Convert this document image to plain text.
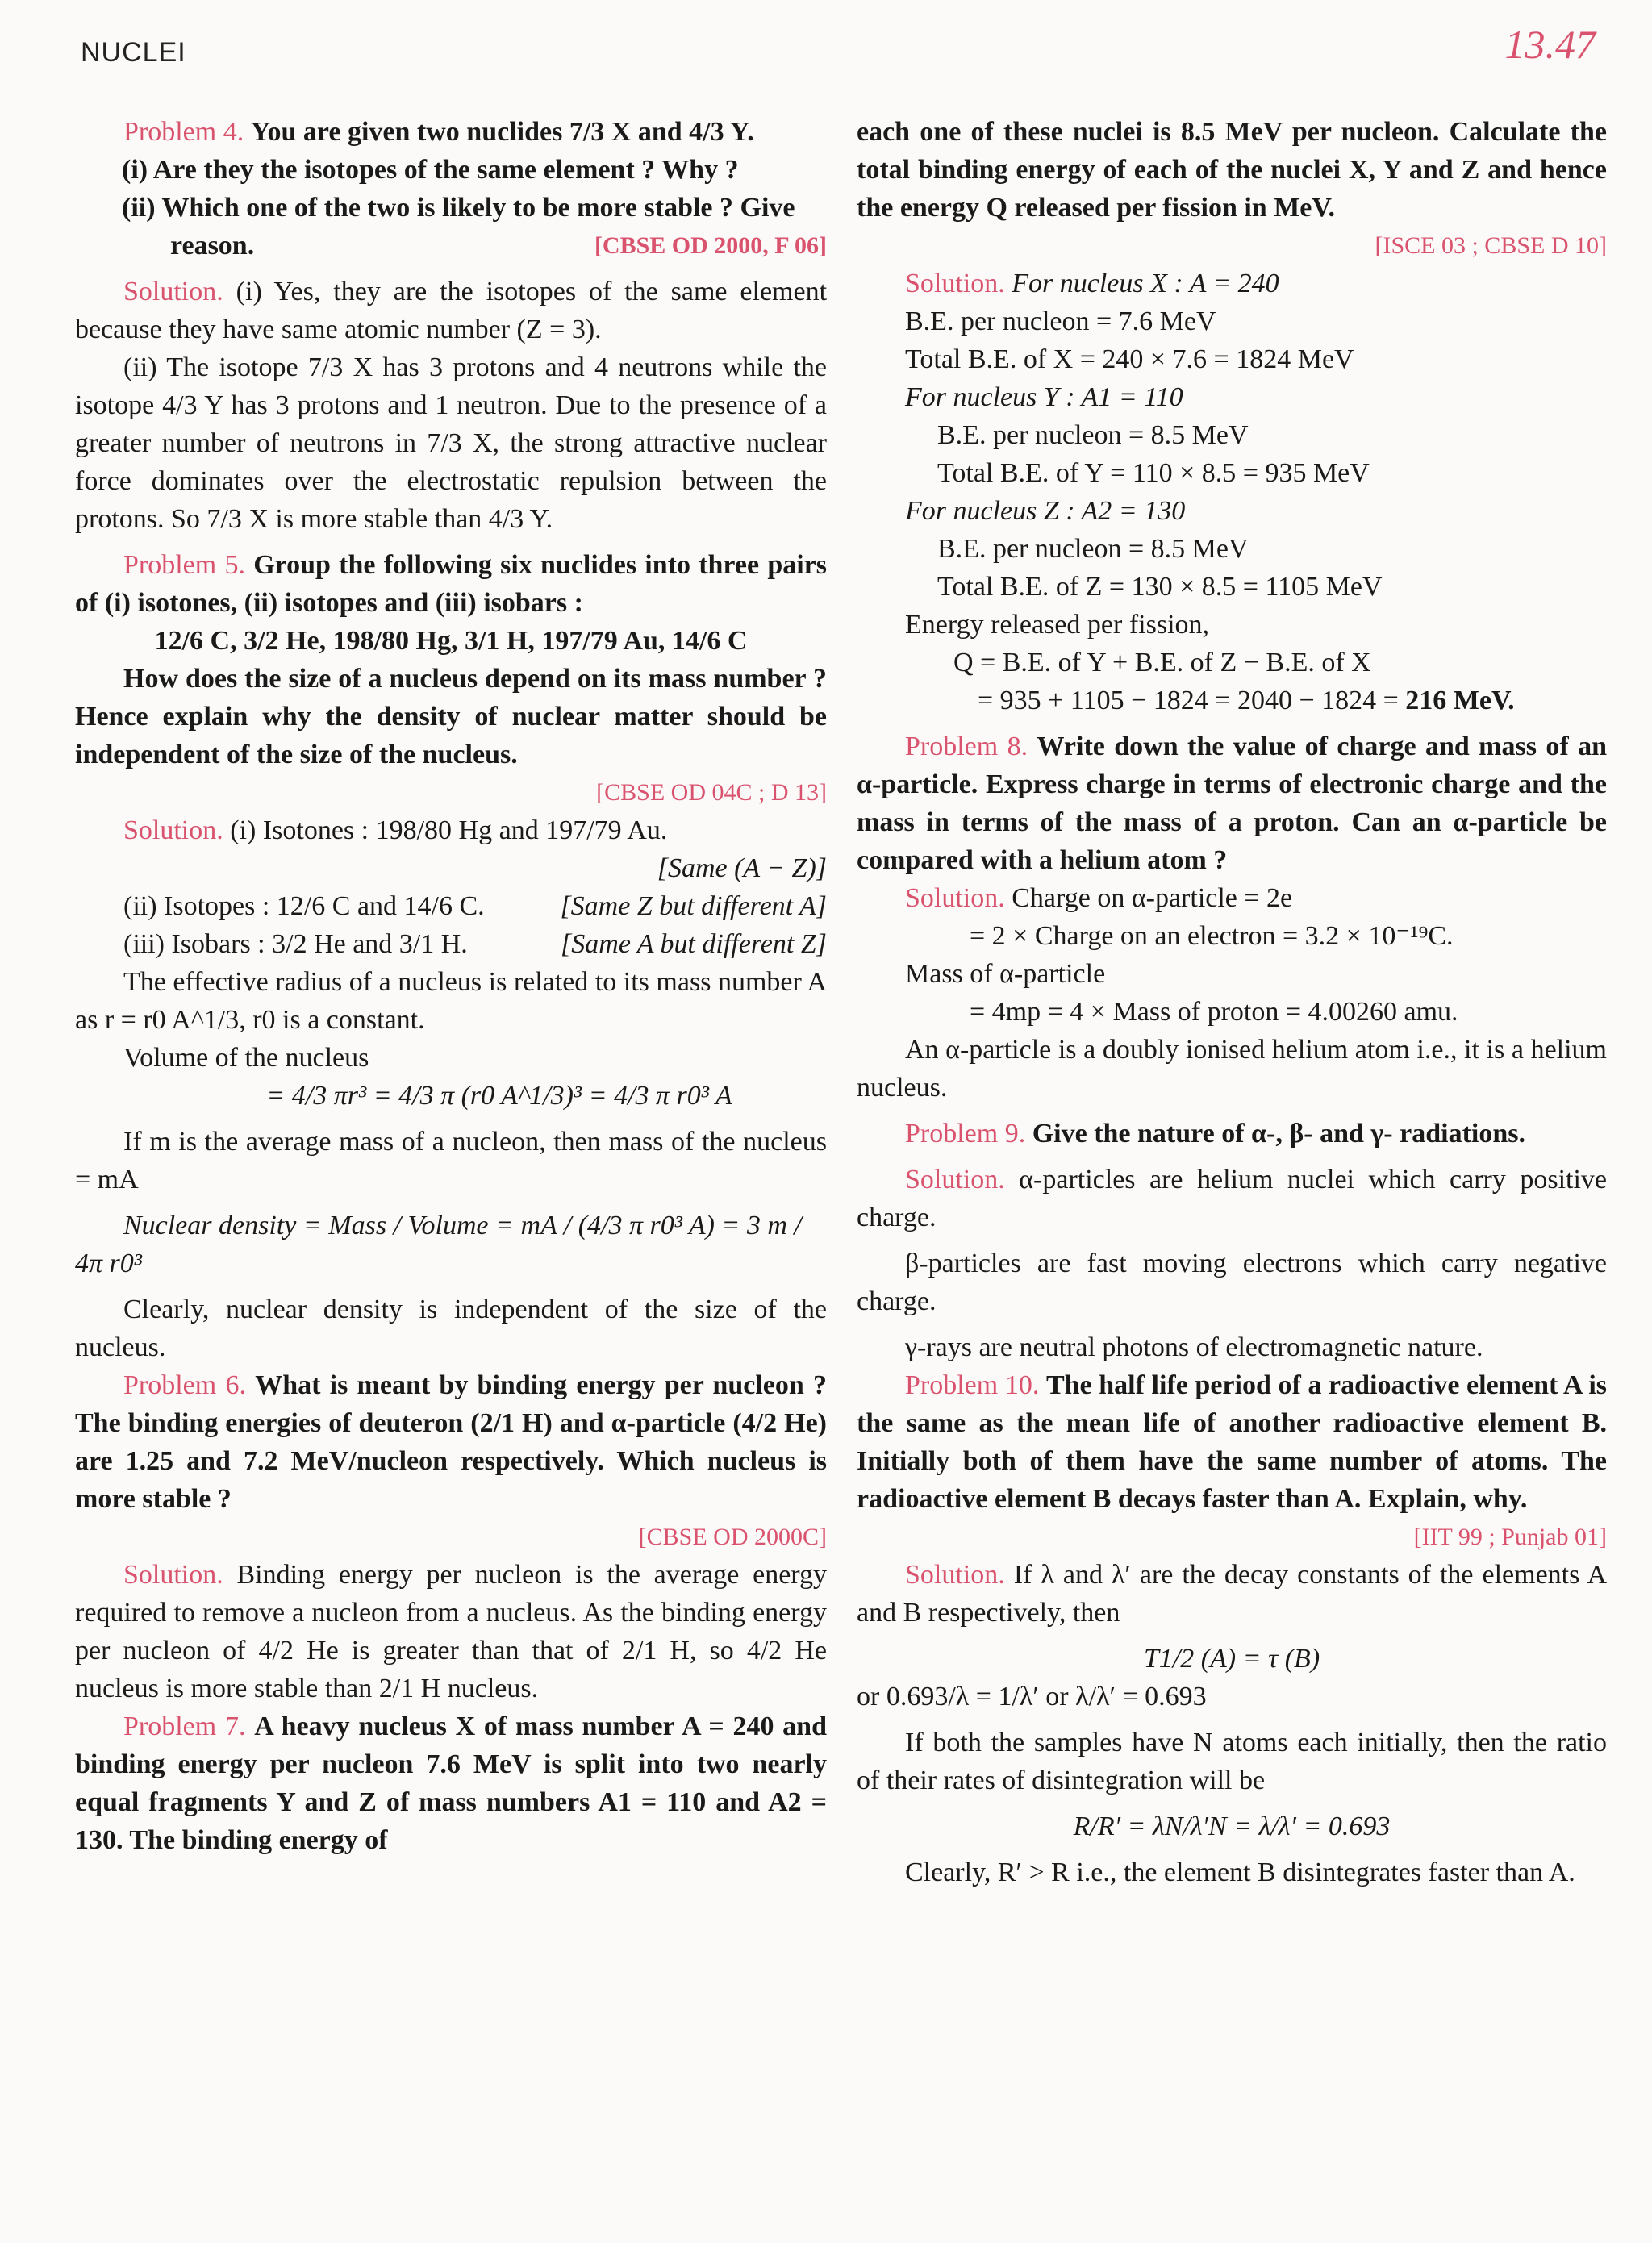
NUCLEI	13.47

Problem 4. You are given two nuclides 7/3 X and 4/3 Y.

(i) Are they the isotopes of the same element ? Why ?

(ii) Which one of the two is likely to be more stable ? Give reason.	[CBSE OD 2000, F 06]

Solution. (i) Yes, they are the isotopes of the same element because they have same atomic number (Z = 3).

(ii) The isotope 7/3 X has 3 protons and 4 neutrons while the isotope 4/3 Y has 3 protons and 1 neutron. Due to the presence of a greater number of neutrons in 7/3 X, the strong attractive nuclear force dominates over the electrostatic repulsion between the protons. So 7/3 X is more stable than 4/3 Y.

Problem 5. Group the following six nuclides into three pairs of (i) isotones, (ii) isotopes and (iii) isobars :

12/6 C, 3/2 He, 198/80 Hg, 3/1 H, 197/79 Au, 14/6 C

How does the size of a nucleus depend on its mass number ? Hence explain why the density of nuclear matter should be independent of the size of the nucleus.

[CBSE OD 04C ; D 13]

Solution. (i) Isotones : 198/80 Hg and 197/79 Au.

[Same (A − Z)]

(ii) Isotopes : 12/6 C and 14/6 C.	[Same Z but different A]

(iii) Isobars : 3/2 He and 3/1 H.	[Same A but different Z]

The effective radius of a nucleus is related to its mass number A as r = r0 A^1/3, r0 is a constant.

Volume of the nucleus

= 4/3 πr³ = 4/3 π (r0 A^1/3)³ = 4/3 π r0³ A

If m is the average mass of a nucleon, then mass of the nucleus = mA

Nuclear density = Mass / Volume = mA / (4/3 π r0³ A) = 3 m / 4π r0³

Clearly, nuclear density is independent of the size of the nucleus.

Problem 6. What is meant by binding energy per nucleon ? The binding energies of deuteron (2/1 H) and α-particle (4/2 He) are 1.25 and 7.2 MeV/nucleon respectively. Which nucleus is more stable ?

[CBSE OD 2000C]

Solution. Binding energy per nucleon is the average energy required to remove a nucleon from a nucleus. As the binding energy per nucleon of 4/2 He is greater than that of 2/1 H, so 4/2 He nucleus is more stable than 2/1 H nucleus.

Problem 7. A heavy nucleus X of mass number A = 240 and binding energy per nucleon 7.6 MeV is split into two nearly equal fragments Y and Z of mass numbers A1 = 110 and A2 = 130. The binding energy of

each one of these nuclei is 8.5 MeV per nucleon. Calculate the total binding energy of each of the nuclei X, Y and Z and hence the energy Q released per fission in MeV.

[ISCE 03 ; CBSE D 10]

Solution. For nucleus X : A = 240

B.E. per nucleon = 7.6 MeV

Total B.E. of X = 240 × 7.6 = 1824 MeV

For nucleus Y : A1 = 110

B.E. per nucleon = 8.5 MeV

Total B.E. of Y = 110 × 8.5 = 935 MeV

For nucleus Z : A2 = 130

B.E. per nucleon = 8.5 MeV

Total B.E. of Z = 130 × 8.5 = 1105 MeV

Energy released per fission,

Q = B.E. of Y + B.E. of Z − B.E. of X

= 935 + 1105 − 1824 = 2040 − 1824 = 216 MeV.

Problem 8. Write down the value of charge and mass of an α-particle. Express charge in terms of electronic charge and the mass in terms of the mass of a proton. Can an α-particle be compared with a helium atom ?

Solution. Charge on α-particle = 2e

= 2 × Charge on an electron = 3.2 × 10⁻¹⁹C.

Mass of α-particle

= 4mp = 4 × Mass of proton = 4.00260 amu.

An α-particle is a doubly ionised helium atom i.e., it is a helium nucleus.

Problem 9. Give the nature of α-, β- and γ- radiations.

Solution. α-particles are helium nuclei which carry positive charge.

β-particles are fast moving electrons which carry negative charge.

γ-rays are neutral photons of electromagnetic nature.

Problem 10. The half life period of a radioactive element A is the same as the mean life of another radioactive element B. Initially both of them have the same number of atoms. The radioactive element B decays faster than A. Explain, why.

[IIT 99 ; Punjab 01]

Solution. If λ and λ′ are the decay constants of the elements A and B respectively, then

T1/2 (A) = τ (B)

or 0.693/λ = 1/λ′ or λ/λ′ = 0.693

If both the samples have N atoms each initially, then the ratio of their rates of disintegration will be

R/R′ = λN/λ′N = λ/λ′ = 0.693

Clearly, R′ > R i.e., the element B disintegrates faster than A.
